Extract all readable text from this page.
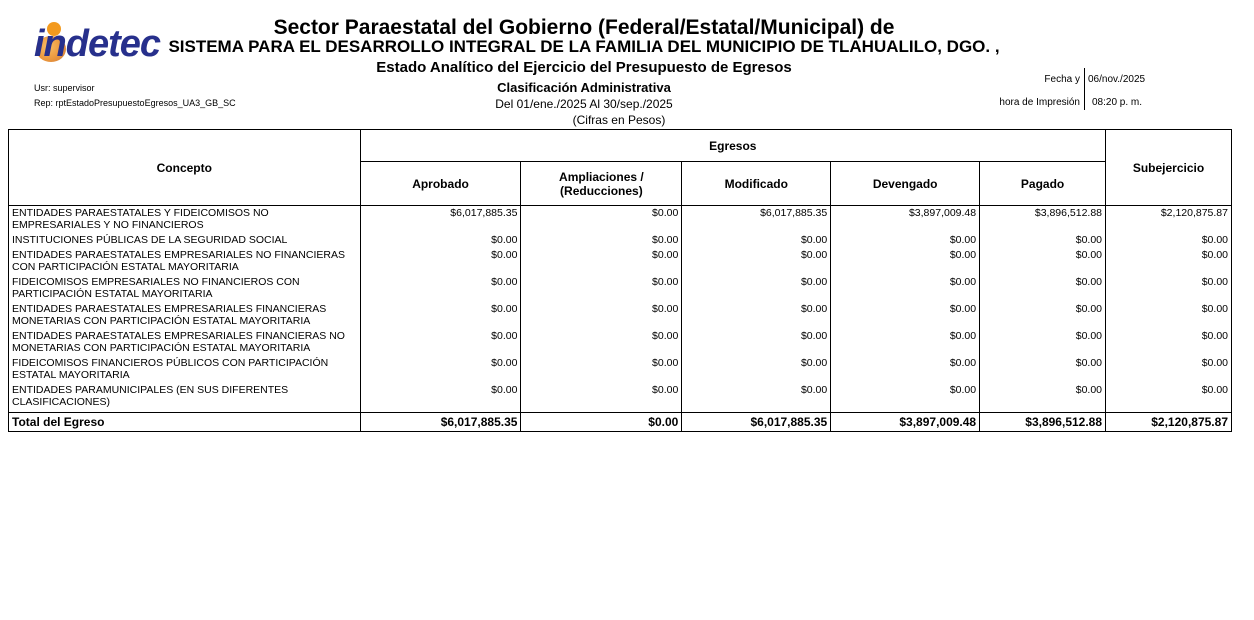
indetec	Sector Paraestatal del Gobierno (Federal/Estatal/Municipal) de
SISTEMA PARA EL DESARROLLO INTEGRAL DE LA FAMILIA DEL MUNICIPIO DE TLAHUALILO, DGO. ,
Estado Analítico del Ejercicio del Presupuesto de Egresos
Clasificación Administrativa
Del 01/ene./2025 Al 30/sep./2025
(Cifras en Pesos)
Usr: supervisor
Rep: rptEstadoPresupuestoEgresos_UA3_GB_SC
Fecha y
hora de Impresión
06/nov./2025
08:20 p. m.
Concepto	Egresos					Subejercicio
	Aprobado	Ampliaciones / (Reducciones)	Modificado	Devengado	Pagado	
ENTIDADES PARAESTATALES Y FIDEICOMISOS NO EMPRESARIALES Y NO FINANCIEROS	$6,017,885.35	$0.00	$6,017,885.35	$3,897,009.48	$3,896,512.88	$2,120,875.87
INSTITUCIONES PÚBLICAS DE LA SEGURIDAD SOCIAL	$0.00	$0.00	$0.00	$0.00	$0.00	$0.00
ENTIDADES PARAESTATALES EMPRESARIALES NO FINANCIERAS CON PARTICIPACIÓN ESTATAL MAYORITARIA	$0.00	$0.00	$0.00	$0.00	$0.00	$0.00
FIDEICOMISOS EMPRESARIALES NO FINANCIEROS CON PARTICIPACIÓN ESTATAL MAYORITARIA	$0.00	$0.00	$0.00	$0.00	$0.00	$0.00
ENTIDADES PARAESTATALES EMPRESARIALES FINANCIERAS MONETARIAS CON PARTICIPACIÓN ESTATAL MAYORITARIA	$0.00	$0.00	$0.00	$0.00	$0.00	$0.00
ENTIDADES PARAESTATALES EMPRESARIALES FINANCIERAS NO MONETARIAS CON PARTICIPACIÓN ESTATAL MAYORITARIA	$0.00	$0.00	$0.00	$0.00	$0.00	$0.00
FIDEICOMISOS FINANCIEROS PÚBLICOS CON PARTICIPACIÓN ESTATAL MAYORITARIA	$0.00	$0.00	$0.00	$0.00	$0.00	$0.00
ENTIDADES PARAMUNICIPALES (EN SUS DIFERENTES CLASIFICACIONES)	$0.00	$0.00	$0.00	$0.00	$0.00	$0.00
Total del Egreso	$6,017,885.35	$0.00	$6,017,885.35	$3,897,009.48	$3,896,512.88	$2,120,875.87
